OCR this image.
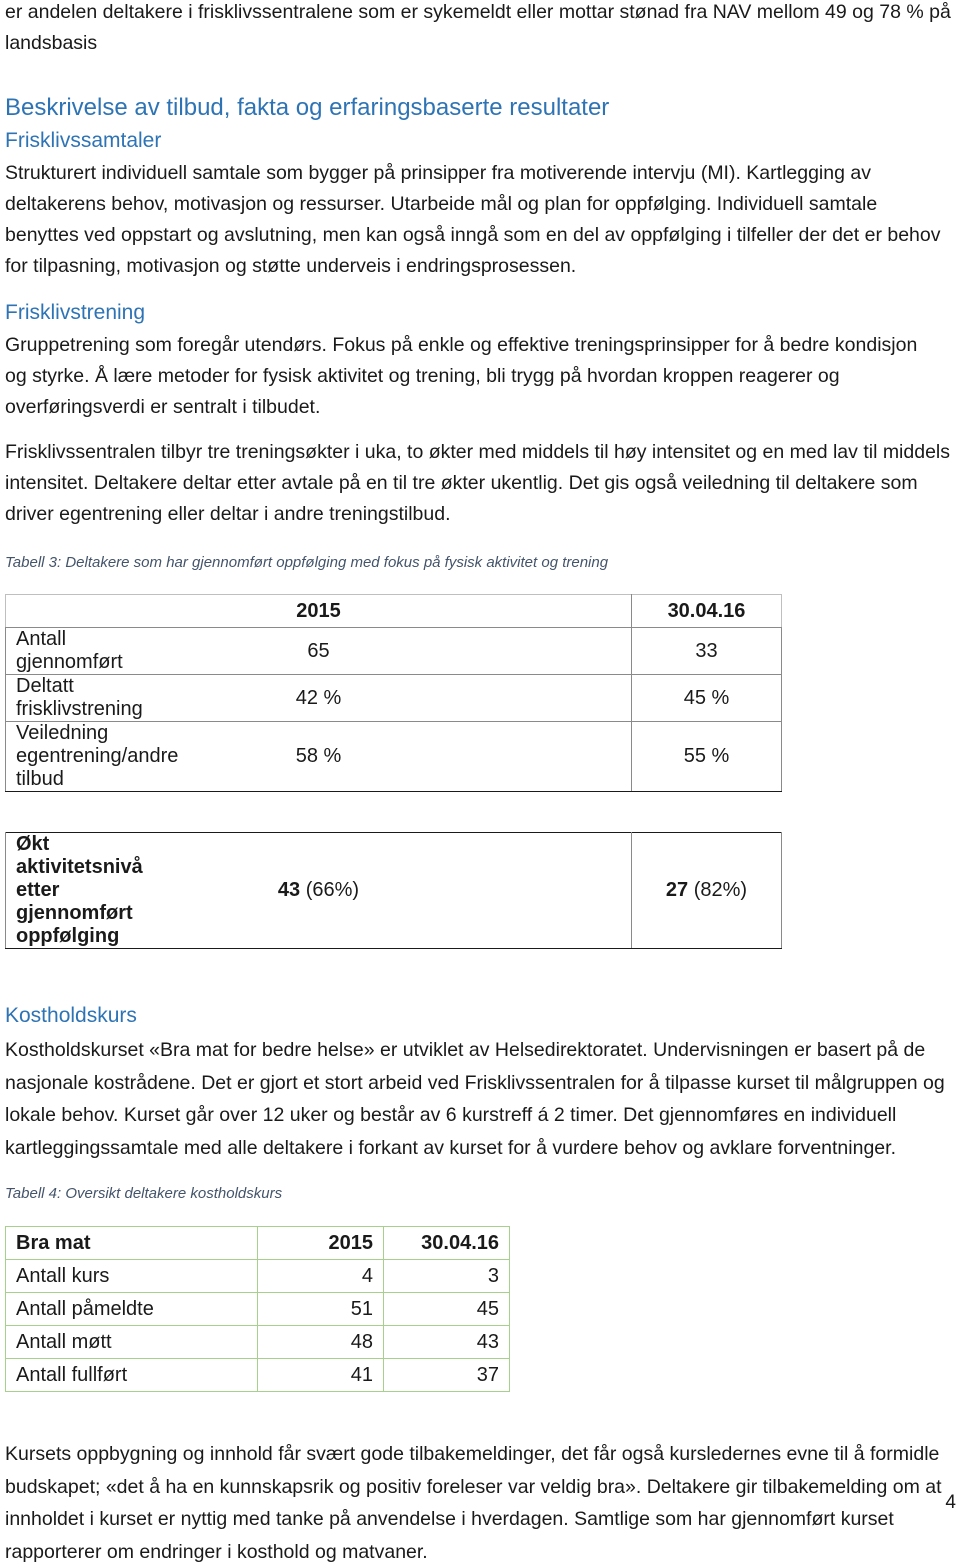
er andelen deltakere i frisklivssentralene som er sykemeldt eller mottar stønad fra NAV mellom 49 og 78 % på landsbasis

Beskrivelse av tilbud, fakta og erfaringsbaserte resultater
Frisklivssamtaler

Strukturert individuell samtale som bygger på prinsipper fra motiverende intervju (MI). Kartlegging av deltakerens behov, motivasjon og ressurser. Utarbeide mål og plan for oppfølging. Individuell samtale benyttes ved oppstart og avslutning, men kan også inngå som en del av oppfølging i tilfeller der det er behov for tilpasning, motivasjon og støtte underveis i endringsprosessen.

Frisklivstrening

Gruppetrening som foregår utendørs. Fokus på enkle og effektive treningsprinsipper for å bedre kondisjon og styrke. Å lære metoder for fysisk aktivitet og trening, bli trygg på hvordan kroppen reagerer og overføringsverdi er sentralt i tilbudet.

Frisklivssentralen tilbyr tre treningsøkter i uka, to økter med middels til høy intensitet og en med lav til middels intensitet. Deltakere deltar etter avtale på en til tre økter ukentlig. Det gis også veiledning til deltakere som driver egentrening eller deltar i andre treningstilbud.

Tabell 3: Deltakere som har gjennomført oppfølging med fokus på fysisk aktivitet og trening
	2015	30.04.16
Antall gjennomført	65	33
Deltatt frisklivstrening	42 %	45 %
Veiledning egentrening/andre tilbud	58 %	55 %

Økt aktivitetsnivå etter gjennomført oppfølging	43 (66%)	27 (82%)
Kostholdskurs

Kostholdskurset «Bra mat for bedre helse» er utviklet av Helsedirektoratet. Undervisningen er basert på de nasjonale kostrådene. Det er gjort et stort arbeid ved Frisklivssentralen for å tilpasse kurset til målgruppen og lokale behov. Kurset går over 12 uker og består av 6 kurstreff á 2 timer. Det gjennomføres en individuell kartleggingssamtale med alle deltakere i forkant av kurset for å vurdere behov og avklare forventninger.

Tabell 4: Oversikt deltakere kostholdskurs
Bra mat	2015	30.04.16
Antall kurs	4	3
Antall påmeldte	51	45
Antall møtt	48	43
Antall fullført	41	37

Kursets oppbygning og innhold får svært gode tilbakemeldinger, det får også kursledernes evne til å formidle budskapet; «det å ha en kunnskapsrik og positiv foreleser var veldig bra». Deltakere gir tilbakemelding om at innholdet i kurset er nyttig med tanke på anvendelse i hverdagen. Samtlige som har gjennomført kurset rapporterer om endringer i kosthold og matvaner.

4
